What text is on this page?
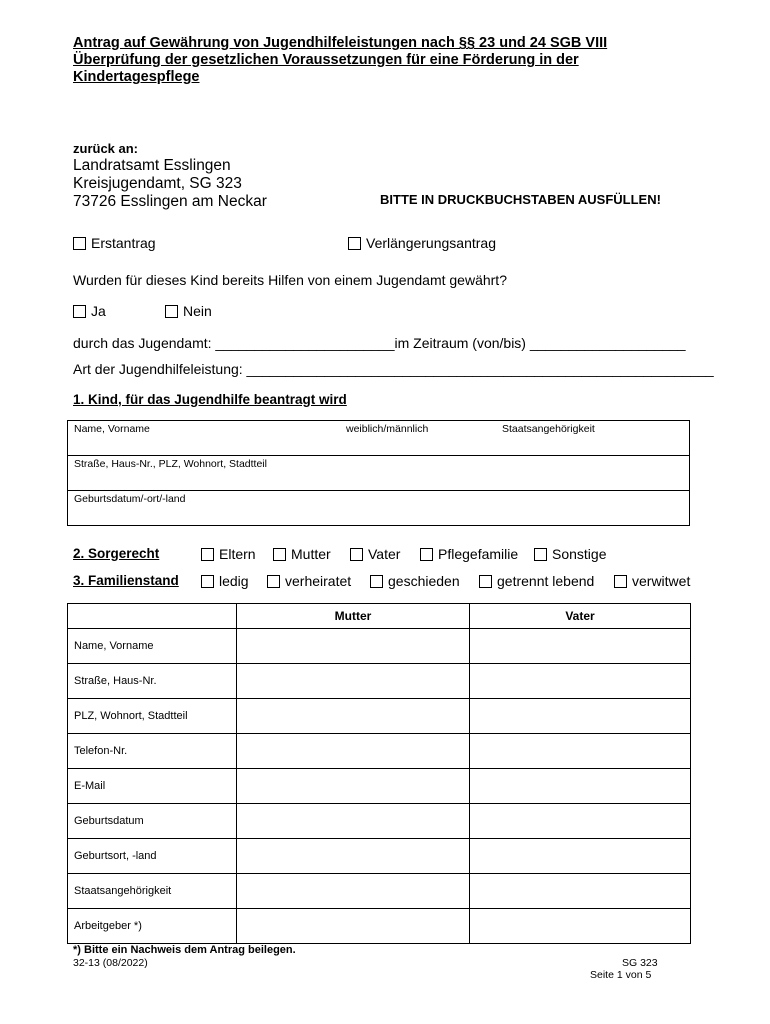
Antrag auf Gewährung von Jugendhilfeleistungen nach §§ 23 und 24 SGB VIII
Überprüfung der gesetzlichen Voraussetzungen für eine Förderung in der
Kindertagespflege
zurück an:
Landratsamt Esslingen
Kreisjugendamt, SG 323
73726 Esslingen am Neckar	BITTE IN DRUCKBUCHSTABEN AUSFÜLLEN!
Erstantrag	Verlängerungsantrag
Wurden für dieses Kind bereits Hilfen von einem Jugendamt gewährt?
Ja	Nein
durch das Jugendamt: _______________________im Zeitraum (von/bis) ____________________
Art der Jugendhilfeleistung: ____________________________________________________________
1. Kind, für das Jugendhilfe beantragt wird
Name, Vorname	weiblich/männlich	Staatsangehörigkeit
Straße, Haus-Nr., PLZ, Wohnort, Stadtteil
Geburtsdatum/-ort/-land
2. Sorgerecht	Eltern	Mutter	Vater	Pflegefamilie	Sonstige
3. Familienstand	ledig	verheiratet	geschieden	getrennt lebend	verwitwet
	Mutter	Vater
Name, Vorname		
Straße, Haus-Nr.		
PLZ, Wohnort, Stadtteil		
Telefon-Nr.		
E-Mail		
Geburtsdatum		
Geburtsort, -land		
Staatsangehörigkeit		
Arbeitgeber *)		
*) Bitte ein Nachweis dem Antrag beilegen.
32-13 (08/2022)	SG 323
Seite 1 von 5
